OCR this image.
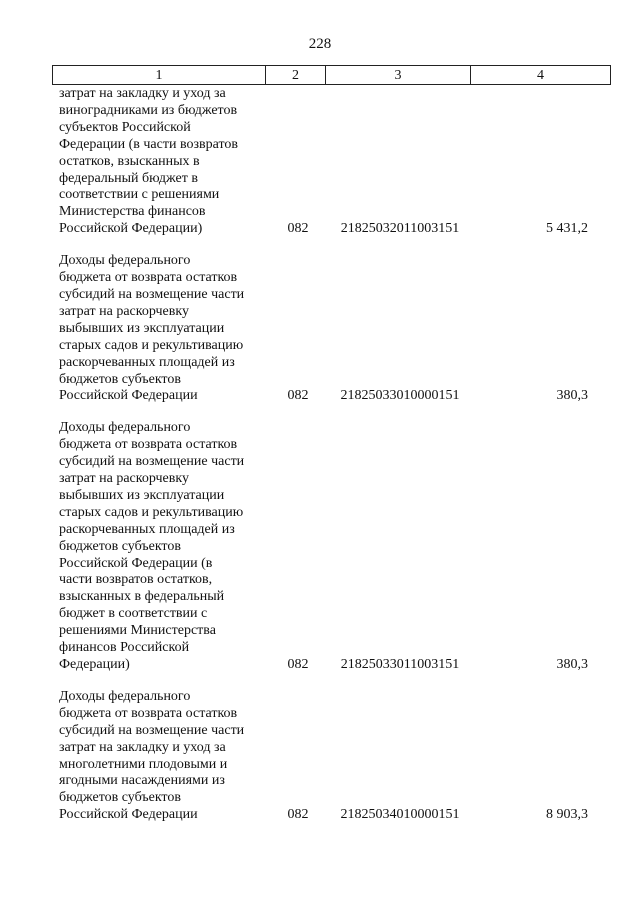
228
1	2	3	4
затрат на закладку и уход за
виноградниками из бюджетов
субъектов Российской
Федерации (в части возвратов
остатков, взысканных в
федеральный бюджет в
соответствии с решениями
Министерства финансов
Российской Федерации)	082	21825032011003151	5 431,2
Доходы федерального
бюджета от возврата остатков
субсидий на возмещение части
затрат на раскорчевку
выбывших из эксплуатации
старых садов и рекультивацию
раскорчеванных площадей из
бюджетов субъектов
Российской Федерации	082	21825033010000151	380,3
Доходы федерального
бюджета от возврата остатков
субсидий на возмещение части
затрат на раскорчевку
выбывших из эксплуатации
старых садов и рекультивацию
раскорчеванных площадей из
бюджетов субъектов
Российской Федерации (в
части возвратов остатков,
взысканных в федеральный
бюджет в соответствии с
решениями Министерства
финансов Российской
Федерации)	082	21825033011003151	380,3
Доходы федерального
бюджета от возврата остатков
субсидий на возмещение части
затрат на закладку и уход за
многолетними плодовыми и
ягодными насаждениями из
бюджетов субъектов
Российской Федерации	082	21825034010000151	8 903,3
